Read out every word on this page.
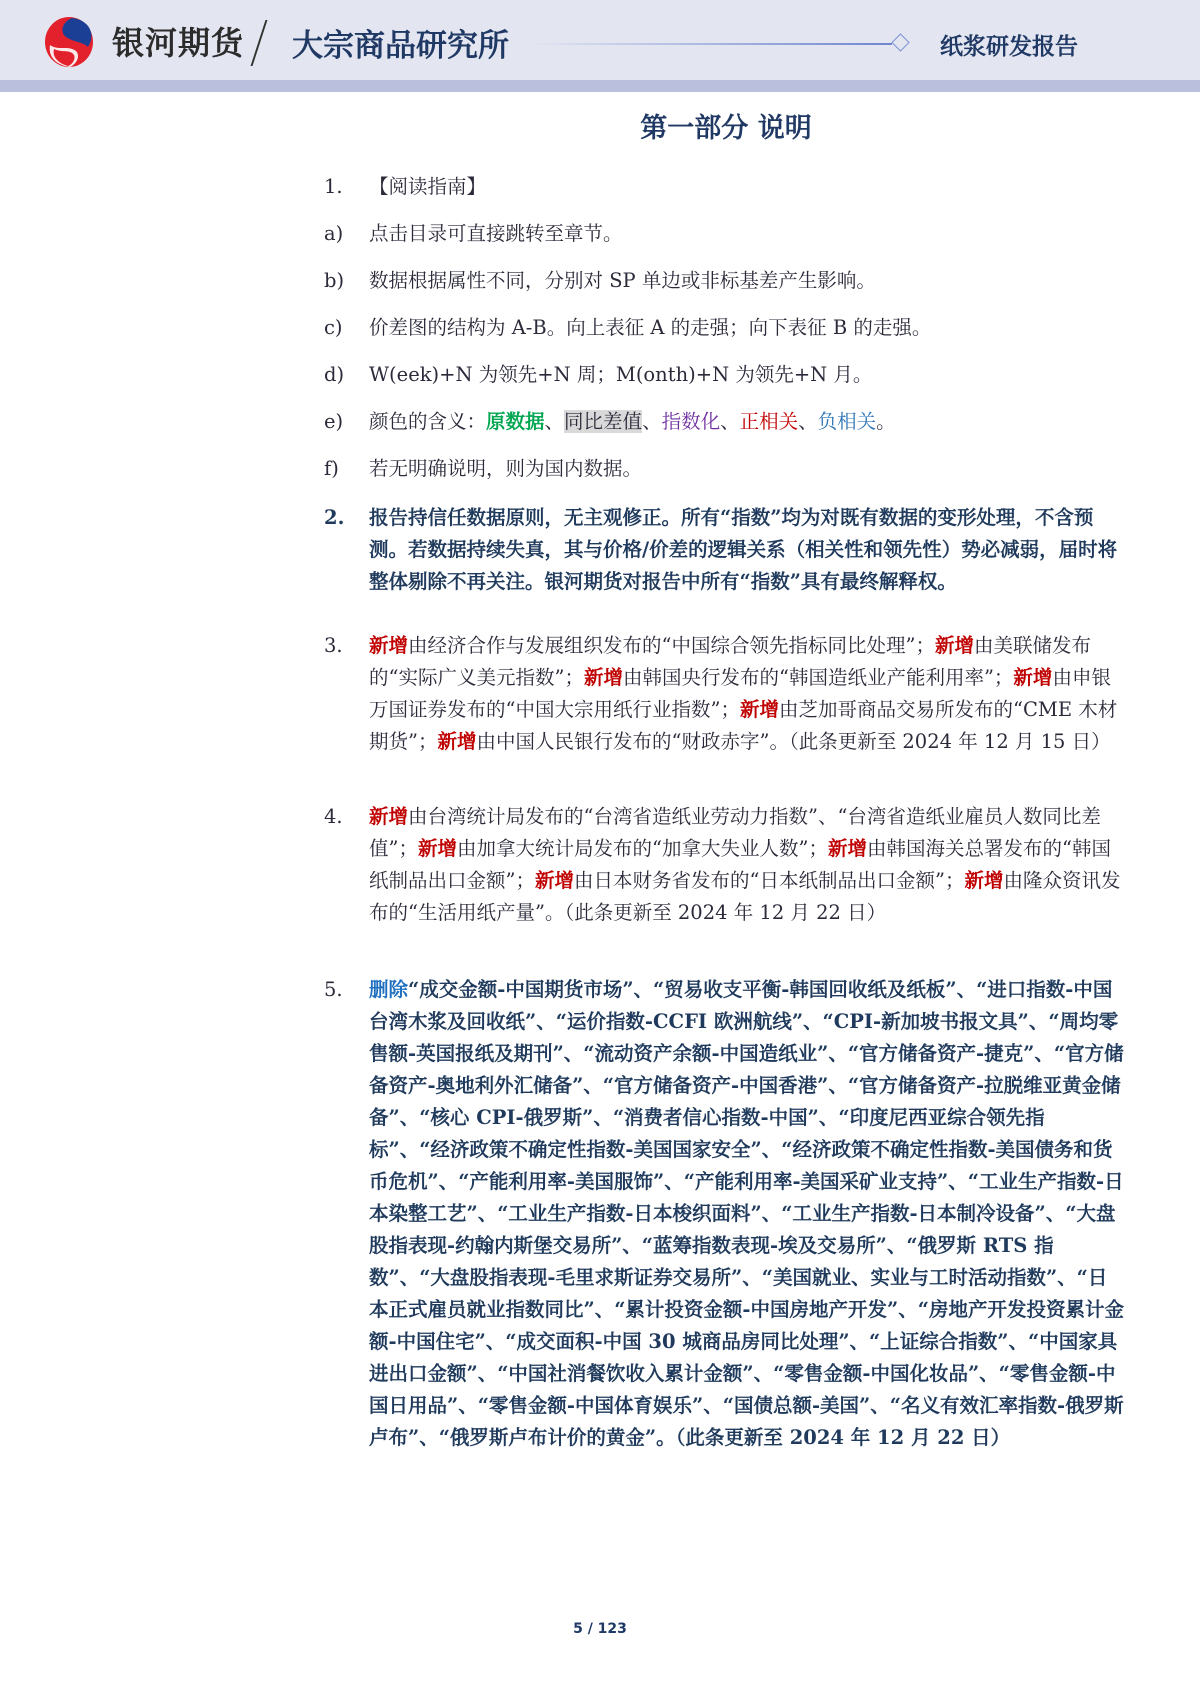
银河期货 大宗商品研究所	纸浆研发报告
第一部分 说明
1. 【阅读指南】
a) 点击目录可直接跳转至章节。
b) 数据根据属性不同，分别对 SP 单边或非标基差产生影响。
c) 价差图的结构为 A-B。向上表征 A 的走强；向下表征 B 的走强。
d) W(eek)+N 为领先+N 周；M(onth)+N 为领先+N 月。
e) 颜色的含义：原数据、同比差值、指数化、正相关、负相关。
f) 若无明确说明，则为国内数据。
2. 报告持信任数据原则，无主观修正。所有“指数”均为对既有数据的变形处理，不含预测。若数据持续失真，其与价格/价差的逻辑关系（相关性和领先性）势必减弱，届时将整体剔除不再关注。银河期货对报告中所有“指数”具有最终解释权。
3. 新增由经济合作与发展组织发布的“中国综合领先指标同比处理”；新增由美联储发布的“实际广义美元指数”；新增由韩国央行发布的“韩国造纸业产能利用率”；新增由申银万国证券发布的“中国大宗用纸行业指数”；新增由芝加哥商品交易所发布的“CME 木材期货”；新增由中国人民银行发布的“财政赤字”。（此条更新至 2024 年 12 月 15 日）
4. 新增由台湾统计局发布的“台湾省造纸业劳动力指数”、“台湾省造纸业雇员人数同比差值”；新增由加拿大统计局发布的“加拿大失业人数”；新增由韩国海关总署发布的“韩国纸制品出口金额”；新增由日本财务省发布的“日本纸制品出口金额”；新增由隆众资讯发布的“生活用纸产量”。（此条更新至 2024 年 12 月 22 日）
5. 删除“成交金额-中国期货市场”、“贸易收支平衡-韩国回收纸及纸板”、“进口指数-中国台湾木浆及回收纸”、“运价指数-CCFI 欧洲航线”、“CPI-新加坡书报文具”、“周均零售额-英国报纸及期刊”、“流动资产余额-中国造纸业”、“官方储备资产-捷克”、“官方储备资产-奥地利外汇储备”、“官方储备资产-中国香港”、“官方储备资产-拉脱维亚黄金储备”、“核心 CPI-俄罗斯”、“消费者信心指数-中国”、“印度尼西亚综合领先指标”、“经济政策不确定性指数-美国国家安全”、“经济政策不确定性指数-美国债务和货币危机”、“产能利用率-美国服饰”、“产能利用率-美国采矿业支持”、“工业生产指数-日本染整工艺”、“工业生产指数-日本梭织面料”、“工业生产指数-日本制冷设备”、“大盘股指表现-约翰内斯堡交易所”、“蓝筹指数表现-埃及交易所”、“俄罗斯 RTS 指数”、“大盘股指表现-毛里求斯证券交易所”、“美国就业、实业与工时活动指数”、“日本正式雇员就业指数同比”、“累计投资金额-中国房地产开发”、“房地产开发投资累计金额-中国住宅”、“成交面积-中国 30 城商品房同比处理”、“上证综合指数”、“中国家具进出口金额”、“中国社消餐饮收入累计金额”、“零售金额-中国化妆品”、“零售金额-中国日用品”、“零售金额-中国体育娱乐”、“国债总额-美国”、“名义有效汇率指数-俄罗斯卢布”、“俄罗斯卢布计价的黄金”。（此条更新至 2024 年 12 月 22 日）
5 / 123
